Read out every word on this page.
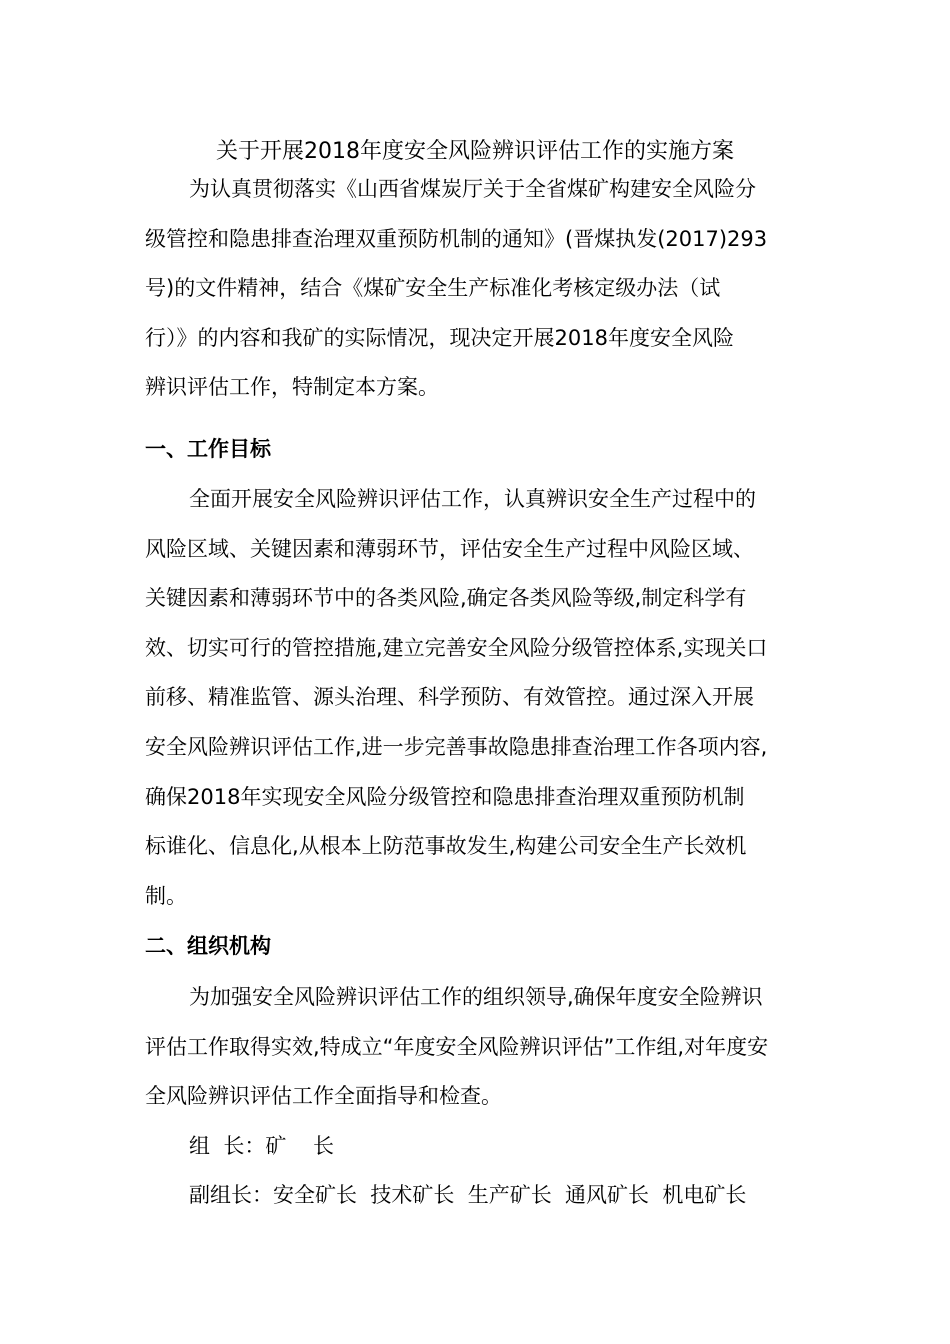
关于开展2018年度安全风险辨识评估工作的实施方案
为认真贯彻落实《山西省煤炭厅关于全省煤矿构建安全风险分
级管控和隐患排查治理双重预防机制的通知》(晋煤执发(2017)293
号)的文件精神，结合《煤矿安全生产标准化考核定级办法（试
行）》的内容和我矿的实际情况，现决定开展2018年度安全风险
辨识评估工作，特制定本方案。
一、工作目标
全面开展安全风险辨识评估工作，认真辨识安全生产过程中的
风险区域、关键因素和薄弱环节，评估安全生产过程中风险区域、
关键因素和薄弱环节中的各类风险,确定各类风险等级,制定科学有
效、切实可行的管控措施,建立完善安全风险分级管控体系,实现关口
前移、精准监管、源头治理、科学预防、有效管控。通过深入开展
安全风险辨识评估工作,进一步完善事故隐患排查治理工作各项内容,
确保2018年实现安全风险分级管控和隐患排查治理双重预防机制
标谁化、信息化,从根本上防范事故发生,构建公司安全生产长效机
制。
二、组织机构
为加强安全风险辨识评估工作的组织领导,确保年度安全险辨识
评估工作取得实效,特成立“年度安全风险辨识评估”工作组,对年度安
全风险辨识评估工作全面指导和检查。
组  长：矿    长
副组长：安全矿长  技术矿长  生产矿长  通风矿长  机电矿长
